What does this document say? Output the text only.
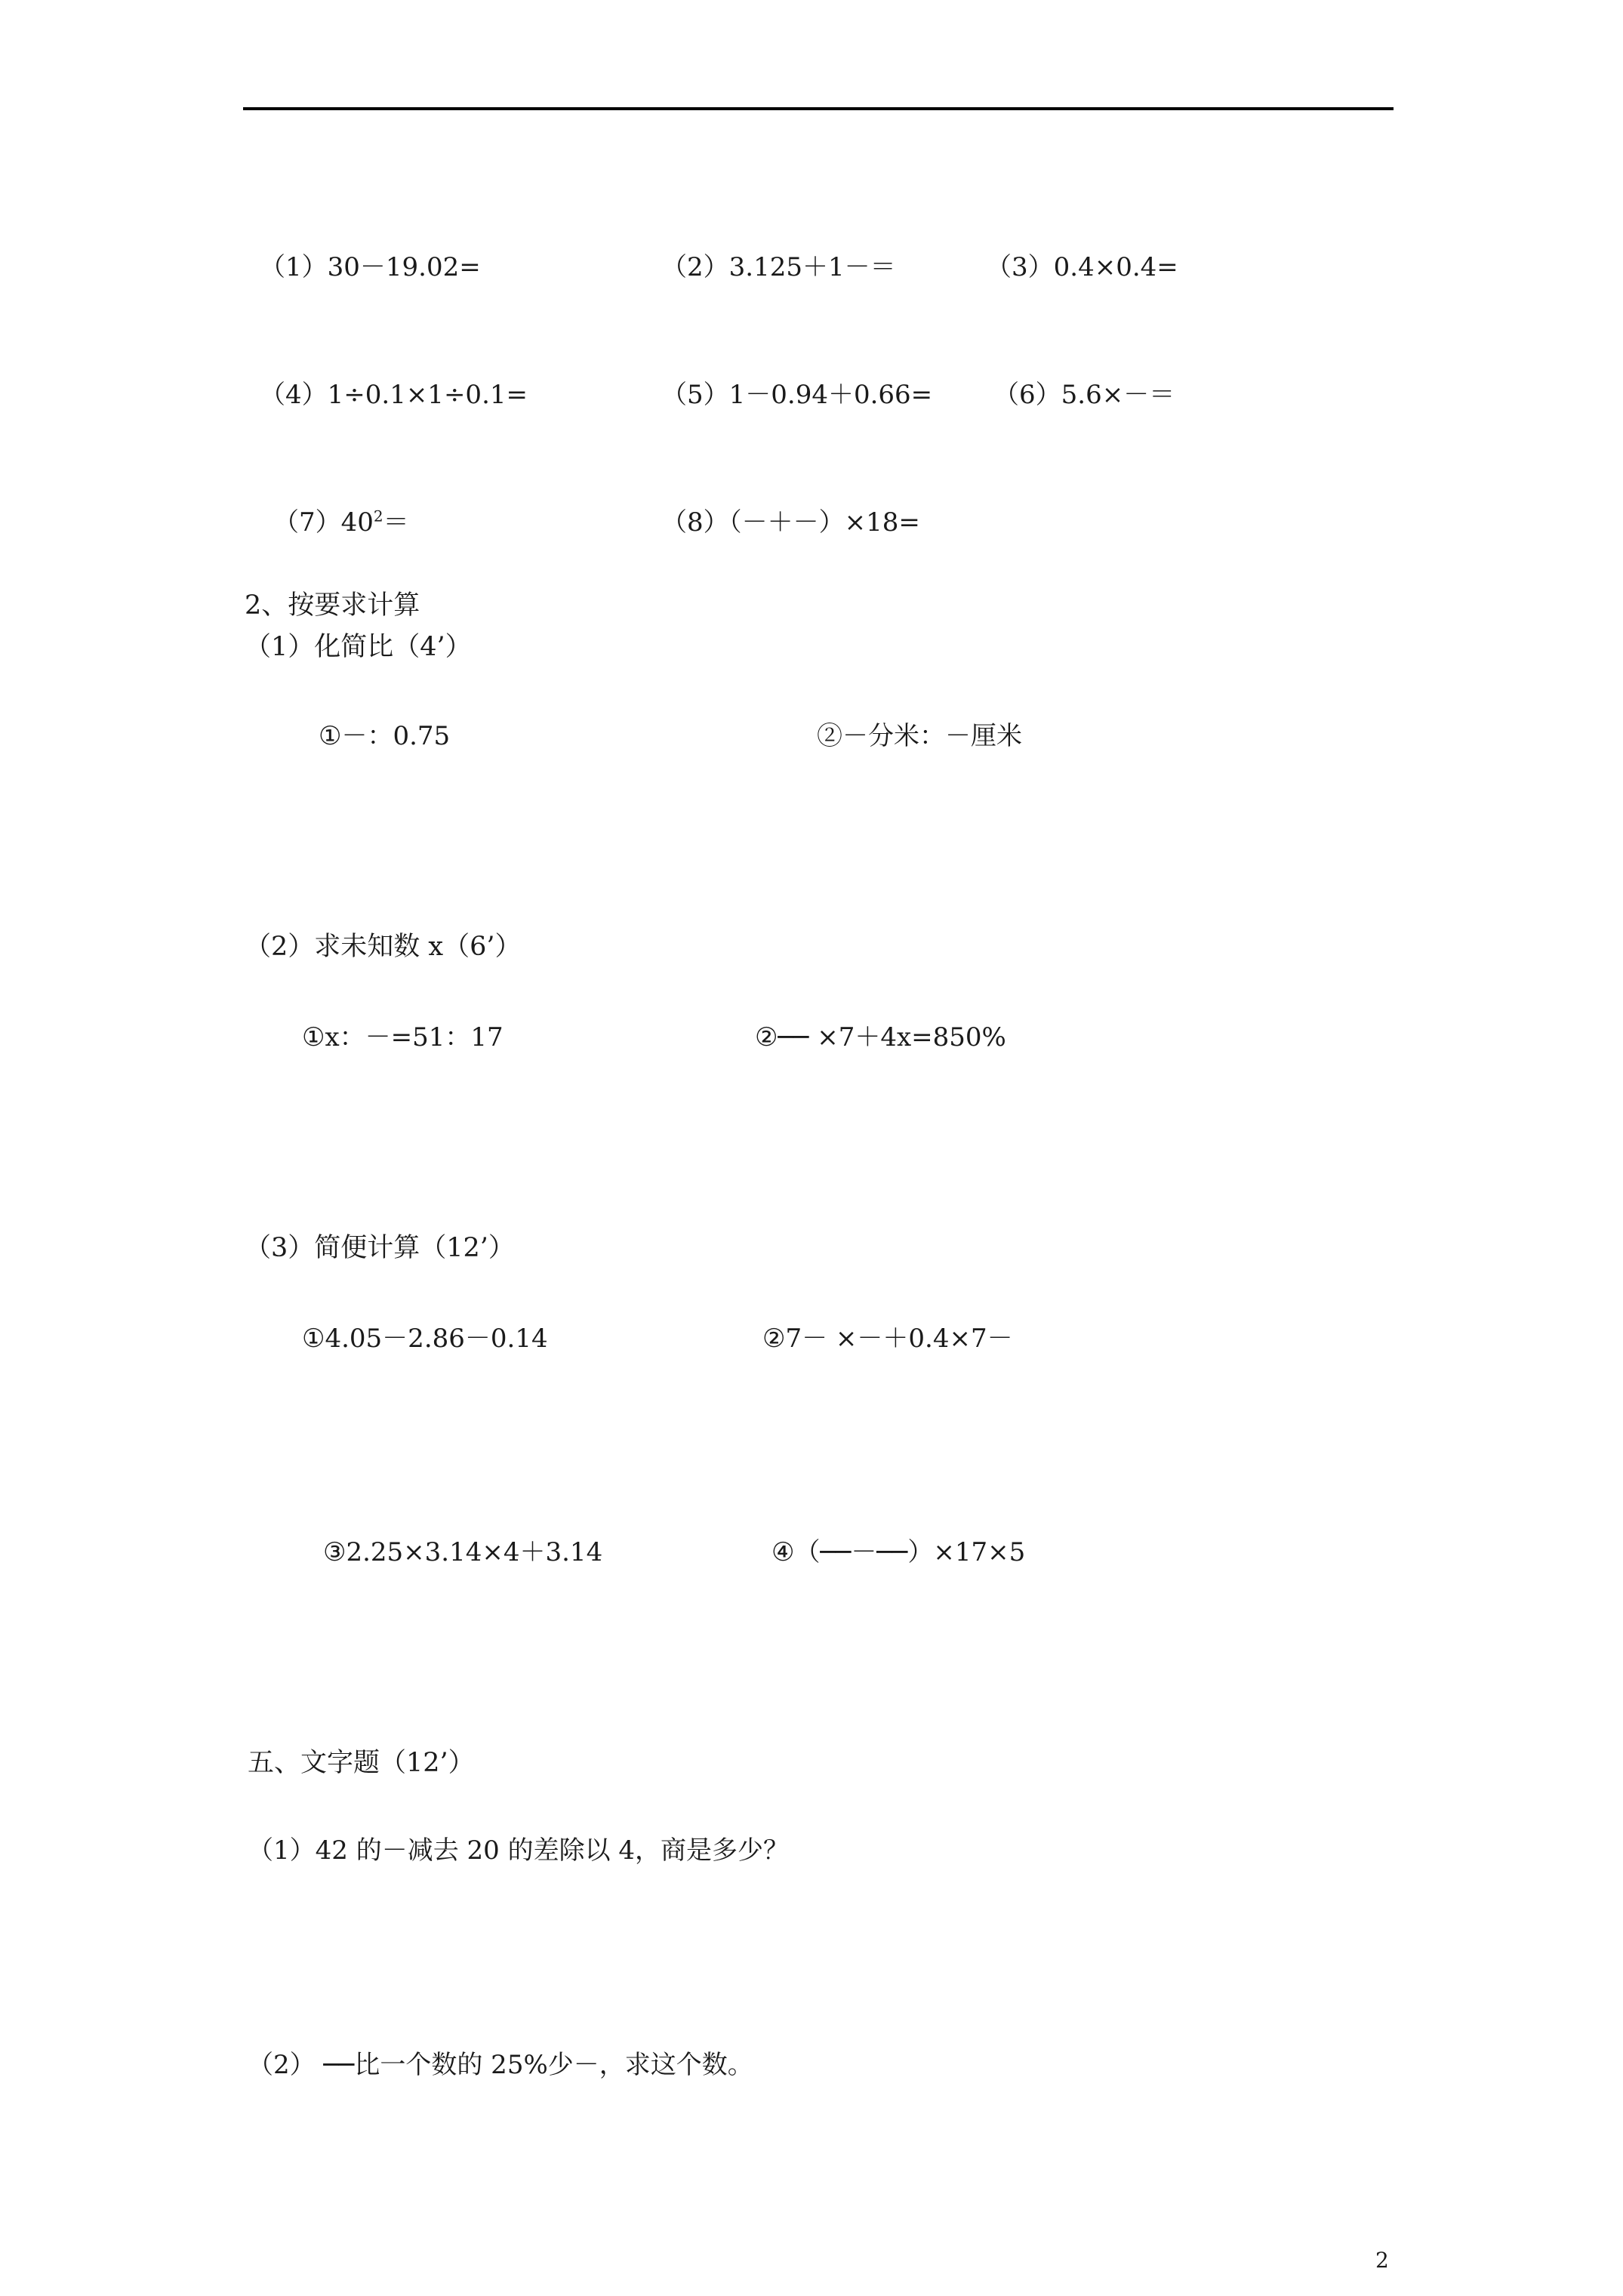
（1）30－19.02=	（2）3.125＋1－＝	（3）0.4×0.4=
（4）1÷0.1×1÷0.1=	（5）1－0.94＋0.66= （6）5.6×－＝
$(7)40^2=$	（8）（－＋－）×18=
2、按要求计算
（1）化简比（4’）
①－：0.75	②－分米：－厘米
（2）求未知数 x（6’）
①x：－=51：17	②── ×7＋4x=850%
（3）简便计算（12’）
①4.05－2.86－0.14	②7－ ×－＋0.4×7－
③2.25×3.14×4＋3.14	④（──－──）×17×5
五、文字题（12’）
（1）42 的－减去 20 的差除以 4，商是多少？
（2） ──比一个数的 25%少－，求这个数。
2
